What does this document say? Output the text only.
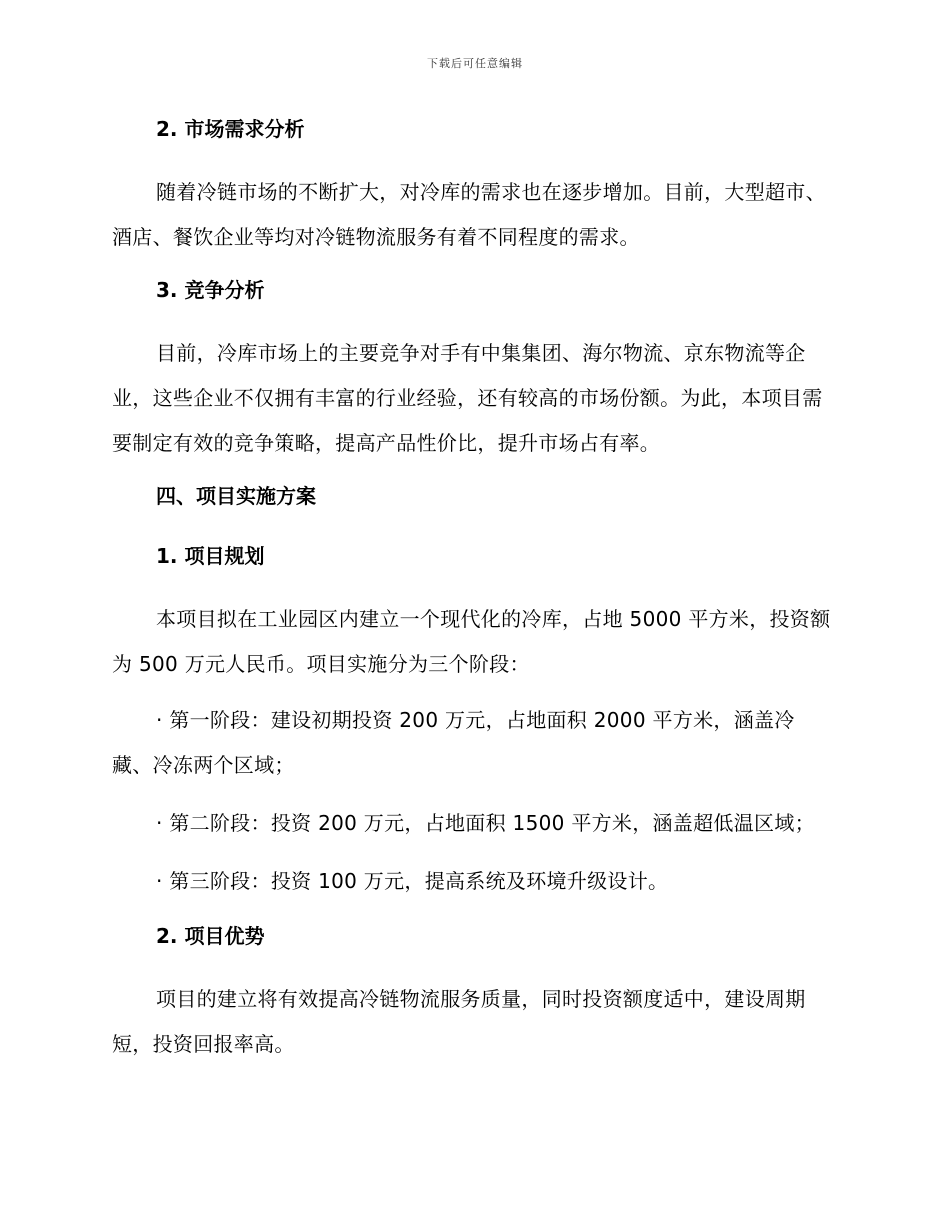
下载后可任意编辑
2. 市场需求分析

随着冷链市场的不断扩大，对冷库的需求也在逐步增加。目前，大型超市、酒店、餐饮企业等均对冷链物流服务有着不同程度的需求。

3. 竞争分析

目前，冷库市场上的主要竞争对手有中集集团、海尔物流、京东物流等企业，这些企业不仅拥有丰富的行业经验，还有较高的市场份额。为此，本项目需要制定有效的竞争策略，提高产品性价比，提升市场占有率。

四、项目实施方案
1. 项目规划

本项目拟在工业园区内建立一个现代化的冷库，占地 5000 平方米，投资额为 500 万元人民币。项目实施分为三个阶段：

· 第一阶段：建设初期投资 200 万元，占地面积 2000 平方米，涵盖冷藏、冷冻两个区域；

· 第二阶段：投资 200 万元，占地面积 1500 平方米，涵盖超低温区域；

· 第三阶段：投资 100 万元，提高系统及环境升级设计。

2. 项目优势

项目的建立将有效提高冷链物流服务质量，同时投资额度适中，建设周期短，投资回报率高。
